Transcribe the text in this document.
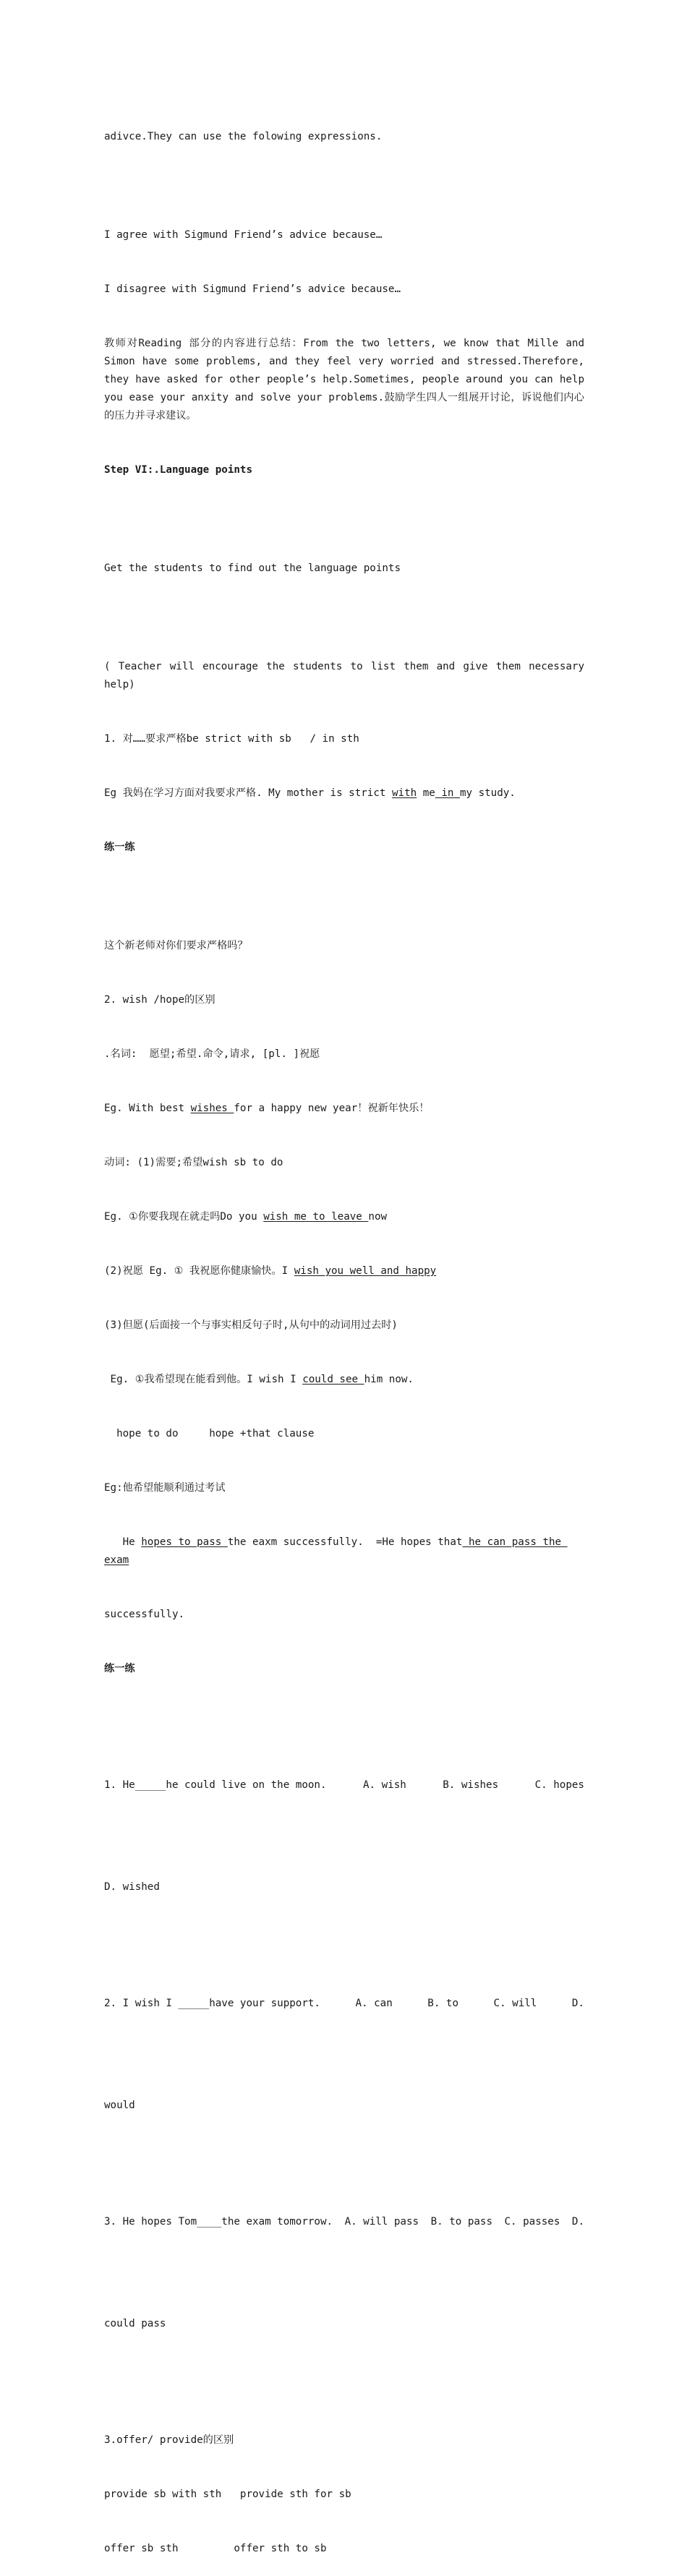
adivce.They can use the folowing expressions.

I agree with Sigmund Friend’s advice because…

I disagree with Sigmund Friend’s advice because…

教师对Reading 部分的内容进行总结：From the two letters, we know that Mille and Simon have some problems, and they feel very worried and stressed.Therefore, they have asked for other people’s help.Sometimes, people around you can help you ease your anxity and solve your problems.鼓励学生四人一组展开讨论，诉说他们内心的压力并寻求建议。

Step VI:.Language points

Get the students to find out the language points

( Teacher will encourage the students to list them and give them necessary help)

1. 对……要求严格be strict with sb   / in sth

Eg 我妈在学习方面对我要求严格. My mother is strict with me in my study.

练一练

这个新老师对你们要求严格吗？

2. wish /hope的区别

.名词:  愿望;希望.命令,请求, [pl. ]祝愿

Eg. With best wishes for a happy new year！祝新年快乐！

动词: (1)需要;希望wish sb to do

Eg. ①你要我现在就走吗Do you wish me to leave now

(2)祝愿 Eg. ① 我祝愿你健康愉快。I wish you well and happy

(3)但愿(后面接一个与事实相反句子时,从句中的动词用过去时)

Eg. ①我希望现在能看到他。I wish I could see him now.

hope to do     hope +that clause

Eg:他希望能顺利通过考试

He hopes to pass the eaxm successfully.  =He hopes that he can pass the exam

successfully.

练一练

1. He_____he could live on the moon.	A. wish	B. wishes	C. hopes

D. wished

2. I wish I _____have your support.	A. can	B. to	C. will	D.

would

3. He hopes Tom____the exam tomorrow. A. will pass B. to pass C. passes D.

could pass

3.offer/ provide的区别

provide sb with sth   provide sth for sb

offer sb sth         offer sth to sb
